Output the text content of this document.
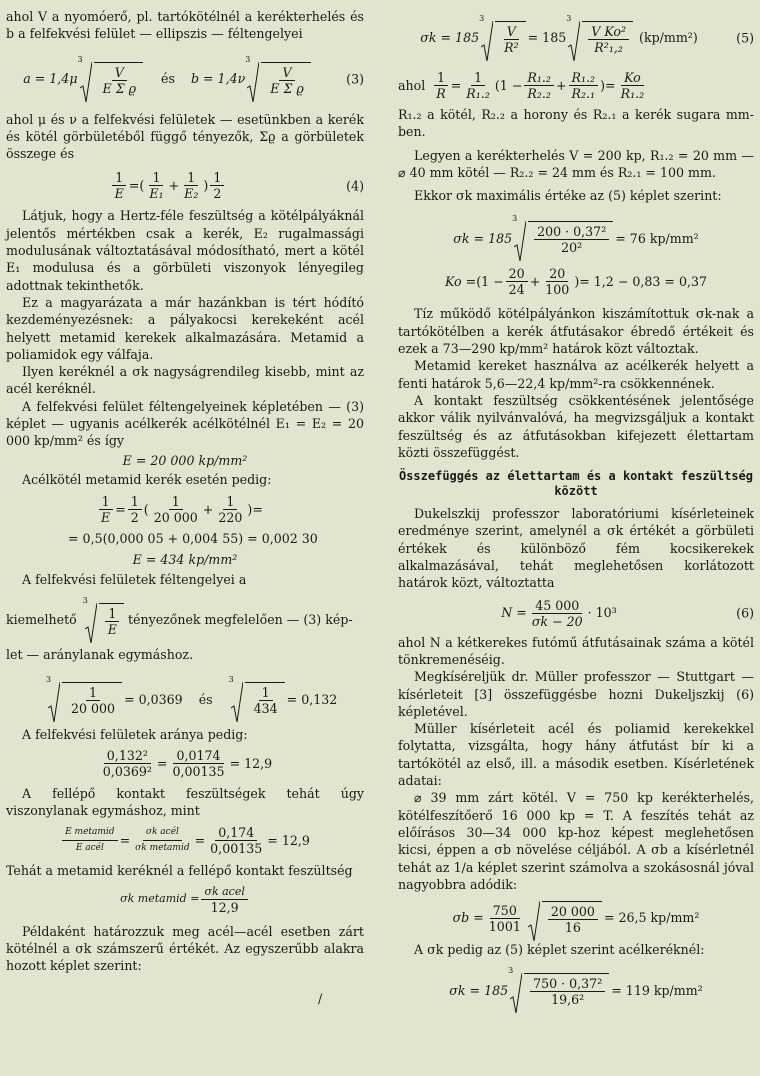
ahol V a nyomóerő, pl. tartókötélnél a kerékterhelés és b a felfekvési felület — ellipszis — féltengelyei

a = 1,4μ
3
$\frac{V}{\text{E Σ ϱ}}$ és b = 1,4ν
3
$\frac{V}{\text{E Σ ϱ}}$	(3)

ahol μ és ν a felfekvési felületek — esetünkben a kerék és kötél görbületéből függő tényezők, Σϱ a görbületek összege és

$\frac{1}{E}$ =( $\frac{1}{\text{E₁}} + \frac{1}{\text{E₂}}$ ) $\frac{1}{2}$	(4)

Látjuk, hogy a Hertz-féle feszültség a kötélpályáknál jelentős mértékben csak a kerék, E₂ rugalmassági modulusának változtatásával módosítható, mert a kötél E₁ modulusa és a görbületi viszonyok lényegileg adottnak tekinthetők.

Ez a magyarázata a már hazánkban is tért hódító kezdeményezésnek: a pályakocsi kerekeként acél helyett metamid kerekek alkalmazására. Metamid a poliamidok egy válfaja.

Ilyen keréknél a σk nagyságrendileg kisebb, mint az acél keréknél.

A felfekvési felület féltengelyeinek képletében — (3) képlet — ugyanis acélkerék acélkötélnél E₁ = E₂ = 20 000 kp/mm² és így

E = 20 000 kp/mm²

Acélkötél metamid kerék esetén pedig:

$\frac{1}{E} = \frac{1}{2}$ ( $\frac{1}{20 000} + \frac{1}{220}$ ) =
= 0,5(0,000 05 + 0,004 55) = 0,002 30
E = 434 kp/mm²

A felfekvési felületek féltengelyei a

kiemelhető
3
$\frac{1}{E}$ tényezőnek megfelelően — (3) kép-

let — aránylanak egymáshoz.

3
$\frac{1}{20 000} = 0,0369$ és
3
$\frac{1}{434} = 0,132$

A felfekvési felületek aránya pedig:

$\frac{\text{0,132²}}{\text{0,0369²}} = \frac{0,0174}{0,00135} = 12,9$

A fellépő kontakt feszültségek tehát úgy viszonylanak egymáshoz, mint

$\frac{\text{E metamid}}{\text{E acél}} = \frac{\text{σk acél}}{\text{σk metamid}} = \frac{0,174}{0,00135} = 12,9$

Tehát a metamid keréknél a fellépő kontakt feszültség

σk metamid = $\frac{\text{σk acel}}{12,9}$

Példaként határozzuk meg acél—acél esetben zárt kötélnél a σk számszerű értékét. Az egyszerűbb alakra hozott képlet szerint:

/
σk = 185
3
$\frac{V}{\text{R²}} = 185$
3
$\frac{\text{V Ko²}}{\text{R²₁,₂}} (kp/mm^2)$	(5)
ahol $\frac{1}{R} = \frac{1}{\text{R₁.₂}} (1 - \frac{\text{R₁.₂}}{\text{R₂.₂}} + \frac{\text{R₁.₂}}{\text{R₂.₁}}$ ) = $\frac{Ko}{\text{R₁.₂}}$

R₁.₂ a kötél, R₂.₂ a horony és R₂.₁ a kerék sugara mm-ben.

Legyen a kerékterhelés V = 200 kp, R₁.₂ = 20 mm — ⌀ 40 mm kötél — R₂.₂ = 24 mm és R₂.₁ = 100 mm.

Ekkor σk maximális értéke az (5) képlet szerint:

σk = 185
3
$\frac{\text{200 · 0,37²}}{\text{20²}} = 76$ kp/mm²
$Ko = (1 - \frac{20}{24} + \frac{20}{100}$ ) = 1,2 − 0,83 = 0,37

Tíz működő kötélpályánkon kiszámítottuk σk-nak a tartókötélben a kerék átfutásakor ébredő értékeit és ezek a 73—290 kp/mm² határok közt változtak.

Metamid kereket használva az acélkerék helyett a fenti határok 5,6—22,4 kp/mm²-ra csökkennének.

A kontakt feszültség csökkentésének jelentősége akkor válik nyilvánvalóvá, ha megvizsgáljuk a kontakt feszültség és az átfutásokban kifejezett élettartam közti összefüggést.

Összefüggés az élettartam és a kontakt feszültség között

Dukelszkij professzor laboratóriumi kísérleteinek eredménye szerint, amelynél a σk értékét a görbületi értékek és különböző fém kocsikerekek alkalmazásával, tehát meglehetősen korlátozott határok közt, változtatta

$N = \frac{45 000}{\sigma k - 20} \cdot 10^3$	(6)

ahol N a kétkerekes futómű átfutásainak száma a kötél tönkremenéséig.

Megkíséreljük dr. Müller professzor — Stuttgart — kísérleteit [3] összefüggésbe hozni Dukeljszkij (6) képletével.

Müller kísérleteit acél és poliamid kerekekkel folytatta, vizsgálta, hogy hány átfutást bír ki a tartókötél az első, ill. a második esetben. Kísérletének adatai:

⌀ 39 mm zárt kötél. V = 750 kp kerékterhelés, kötélfeszítőerő 16 000 kp = T. A feszítés tehát az előírásos 30—34 000 kp-hoz képest meglehetősen kicsi, éppen a σb növelése céljából. A σb a kísérletnél tehát az 1/a képlet szerint számolva a szokásosnál jóval nagyobbra adódik:

$\sigma b = \frac{750}{1001} \frac{20 000}{16} = 26,5$ kp/mm²

A σk pedig az (5) képlet szerint acélkeréknél:

σk = 185
3
$\frac{\text{750 · 0,37²}}{\text{19,6²}} = 119$ kp/mm²
